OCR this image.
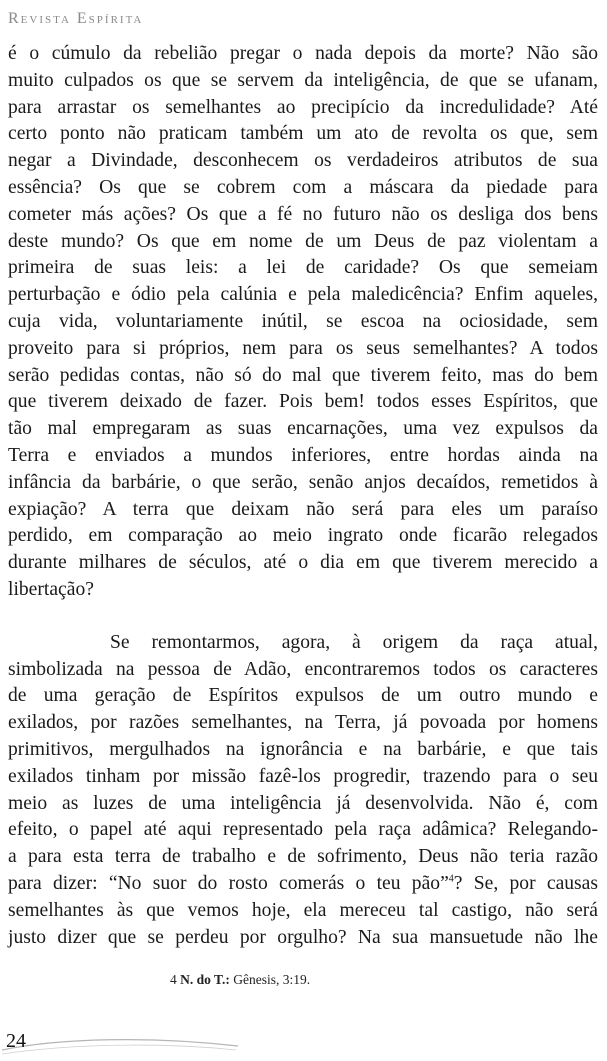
Revista Espírita
é o cúmulo da rebelião pregar o nada depois da morte? Não são
muito culpados os que se servem da inteligência, de que se ufanam,
para arrastar os semelhantes ao precipício da incredulidade? Até
certo ponto não praticam também um ato de revolta os que, sem
negar a Divindade, desconhecem os verdadeiros atributos de sua
essência? Os que se cobrem com a máscara da piedade para
cometer más ações? Os que a fé no futuro não os desliga dos bens
deste mundo? Os que em nome de um Deus de paz violentam a
primeira de suas leis: a lei de caridade? Os que semeiam
perturbação e ódio pela calúnia e pela maledicência? Enfim aqueles,
cuja vida, voluntariamente inútil, se escoa na ociosidade, sem
proveito para si próprios, nem para os seus semelhantes? A todos
serão pedidas contas, não só do mal que tiverem feito, mas do bem
que tiverem deixado de fazer. Pois bem! todos esses Espíritos, que
tão mal empregaram as suas encarnações, uma vez expulsos da
Terra e enviados a mundos inferiores, entre hordas ainda na
infância da barbárie, o que serão, senão anjos decaídos, remetidos à
expiação? A terra que deixam não será para eles um paraíso
perdido, em comparação ao meio ingrato onde ficarão relegados
durante milhares de séculos, até o dia em que tiverem merecido a
libertação?
Se remontarmos, agora, à origem da raça atual,
simbolizada na pessoa de Adão, encontraremos todos os caracteres
de uma geração de Espíritos expulsos de um outro mundo e
exilados, por razões semelhantes, na Terra, já povoada por homens
primitivos, mergulhados na ignorância e na barbárie, e que tais
exilados tinham por missão fazê-los progredir, trazendo para o seu
meio as luzes de uma inteligência já desenvolvida. Não é, com
efeito, o papel até aqui representado pela raça adâmica? Relegando-
a para esta terra de trabalho e de sofrimento, Deus não teria razão
para dizer: “No suor do rosto comerás o teu pão”$^4$? Se, por causas
semelhantes às que vemos hoje, ela mereceu tal castigo, não será
justo dizer que se perdeu por orgulho? Na sua mansuetude não lhe
4 N. do T.: Gênesis, 3:19.
24
